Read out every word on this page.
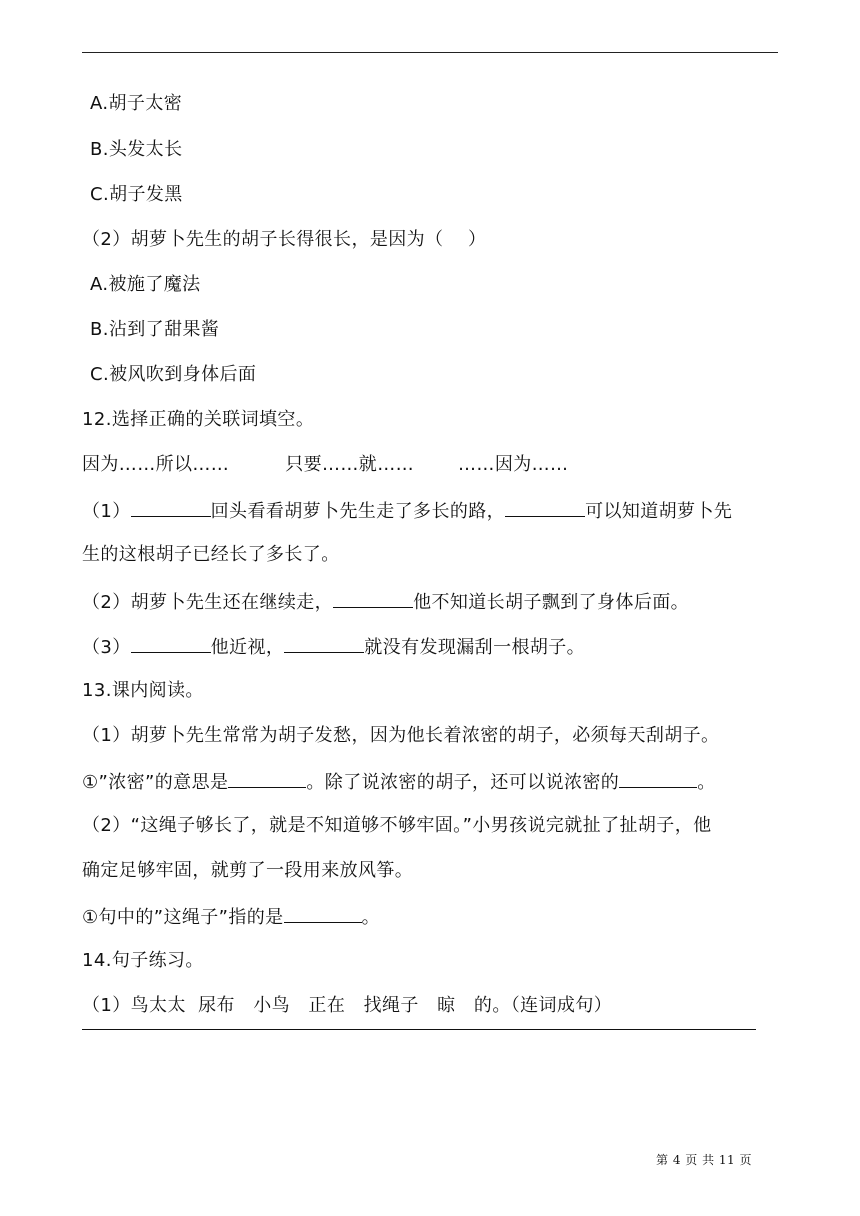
A.胡子太密
B.头发太长
C.胡子发黑
（2）胡萝卜先生的胡子长得很长，是因为（　 ）
A.被施了魔法
B.沾到了甜果酱
C.被风吹到身体后面
12.选择正确的关联词填空。
因为……所以……	只要……就…… ……因为……
（1）	回头看看胡萝卜先生走了多长的路，	可以知道胡萝卜先
生的这根胡子已经长了多长了。
（2）胡萝卜先生还在继续走，	他不知道长胡子飘到了身体后面。
（3）	他近视，	就没有发现漏刮一根胡子。
13.课内阅读。
（1）胡萝卜先生常常为胡子发愁，因为他长着浓密的胡子，必须每天刮胡子。
①”浓密”的意思是	。除了说浓密的胡子，还可以说浓密的	。
（2）“这绳子够长了，就是不知道够不够牢固。”小男孩说完就扯了扯胡子，他
确定足够牢固，就剪了一段用来放风筝。
①句中的”这绳子”指的是	。
14.句子练习。
（1）鸟太太  尿布   小鸟   正在   找绳子   晾   的。（连词成句）
第 4 页 共 11 页
